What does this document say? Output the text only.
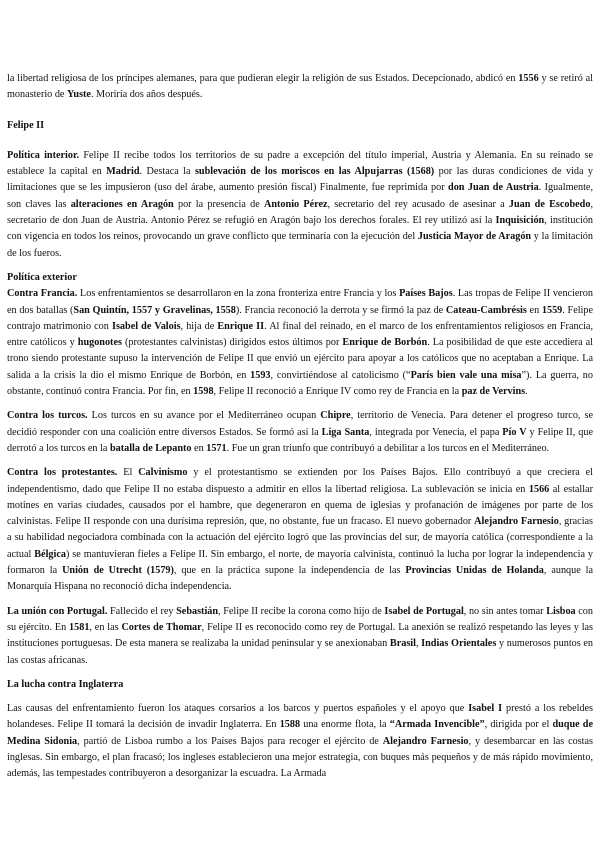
la libertad religiosa de los príncipes alemanes, para que pudieran elegir la religión de sus Estados. Decepcionado, abdicó en 1556 y se retiró al monasterio de Yuste. Moriría dos años después.

Felipe II

Política interior. Felipe II recibe todos los territorios de su padre a excepción del título imperial, Austria y Alemania. En su reinado se establece la capital en Madrid. Destaca la sublevación de los moriscos en las Alpujarras (1568) por las duras condiciones de vida y limitaciones que se les impusieron (uso del árabe, aumento presión fiscal) Finalmente, fue reprimida por don Juan de Austria. Igualmente, son claves las alteraciones en Aragón por la presencia de Antonio Pérez, secretario del rey acusado de asesinar a Juan de Escobedo, secretario de don Juan de Austria. Antonio Pérez se refugió en Aragón bajo los derechos forales. El rey utilizó así la Inquisición, institución con vigencia en todos los reinos, provocando un grave conflicto que terminaría con la ejecución del Justicia Mayor de Aragón y la limitación de los fueros.

Política exterior

Contra Francia. Los enfrentamientos se desarrollaron en la zona fronteriza entre Francia y los Países Bajos. Las tropas de Felipe II vencieron en dos batallas (San Quintín, 1557 y Gravelinas, 1558). Francia reconoció la derrota y se firmó la paz de Cateau-Cambrésis en 1559. Felipe contrajo matrimonio con Isabel de Valois, hija de Enrique II. Al final del reinado, en el marco de los enfrentamientos religiosos en Francia, entre católicos y hugonotes (protestantes calvinistas) dirigidos estos últimos por Enrique de Borbón. La posibilidad de que este accediera al trono siendo protestante supuso la intervención de Felipe II que envió un ejército para apoyar a los católicos que no aceptaban a Enrique. La salida a la crisis la dio el mismo Enrique de Borbón, en 1593, convirtiéndose al catolicismo (“París bien vale una misa”). La guerra, no obstante, continuó contra Francia. Por fin, en 1598, Felipe II reconoció a Enrique IV como rey de Francia en la paz de Vervins.

Contra los turcos. Los turcos en su avance por el Mediterráneo ocupan Chipre, territorio de Venecia. Para detener el progreso turco, se decidió responder con una coalición entre diversos Estados. Se formó así la Liga Santa, integrada por Venecia, el papa Pío V y Felipe II, que derrotó a los turcos en la batalla de Lepanto en 1571. Fue un gran triunfo que contribuyó a debilitar a los turcos en el Mediterráneo.

Contra los protestantes. El Calvinismo y el protestantismo se extienden por los Países Bajos. Ello contribuyó a que creciera el independentismo, dado que Felipe II no estaba dispuesto a admitir en ellos la libertad religiosa. La sublevación se inicia en 1566 al estallar motines en varias ciudades, causados por el hambre, que degeneraron en quema de iglesias y profanación de imágenes por parte de los calvinistas. Felipe II responde con una durísima represión, que, no obstante, fue un fracaso. El nuevo gobernador Alejandro Farnesio, gracias a su habilidad negociadora combinada con la actuación del ejército logró que las provincias del sur, de mayoría católica (correspondiente a la actual Bélgica) se mantuvieran fieles a Felipe II. Sin embargo, el norte, de mayoría calvinista, continuó la lucha por lograr la independencia y formaron la Unión de Utrecht (1579), que en la práctica supone la independencia de las Provincias Unidas de Holanda, aunque la Monarquía Hispana no reconoció dicha independencia.

La unión con Portugal. Fallecido el rey Sebastián, Felipe II recibe la corona como hijo de Isabel de Portugal, no sin antes tomar Lisboa con su ejército. En 1581, en las Cortes de Thomar, Felipe II es reconocido como rey de Portugal. La anexión se realizó respetando las leyes y las instituciones portuguesas. De esta manera se realizaba la unidad peninsular y se anexionaban Brasil, Indias Orientales y numerosos puntos en las costas africanas.

La lucha contra Inglaterra

Las causas del enfrentamiento fueron los ataques corsarios a los barcos y puertos españoles y el apoyo que Isabel I prestó a los rebeldes holandeses. Felipe II tomará la decisión de invadir Inglaterra. En 1588 una enorme flota, la “Armada Invencible”, dirigida por el duque de Medina Sidonia, partió de Lisboa rumbo a los Países Bajos para recoger el ejército de Alejandro Farnesio, y desembarcar en las costas inglesas. Sin embargo, el plan fracasó; los ingleses establecieron una mejor estrategia, con buques más pequeños y de más rápido movimiento, además, las tempestades contribuyeron a desorganizar la escuadra. La Armada
